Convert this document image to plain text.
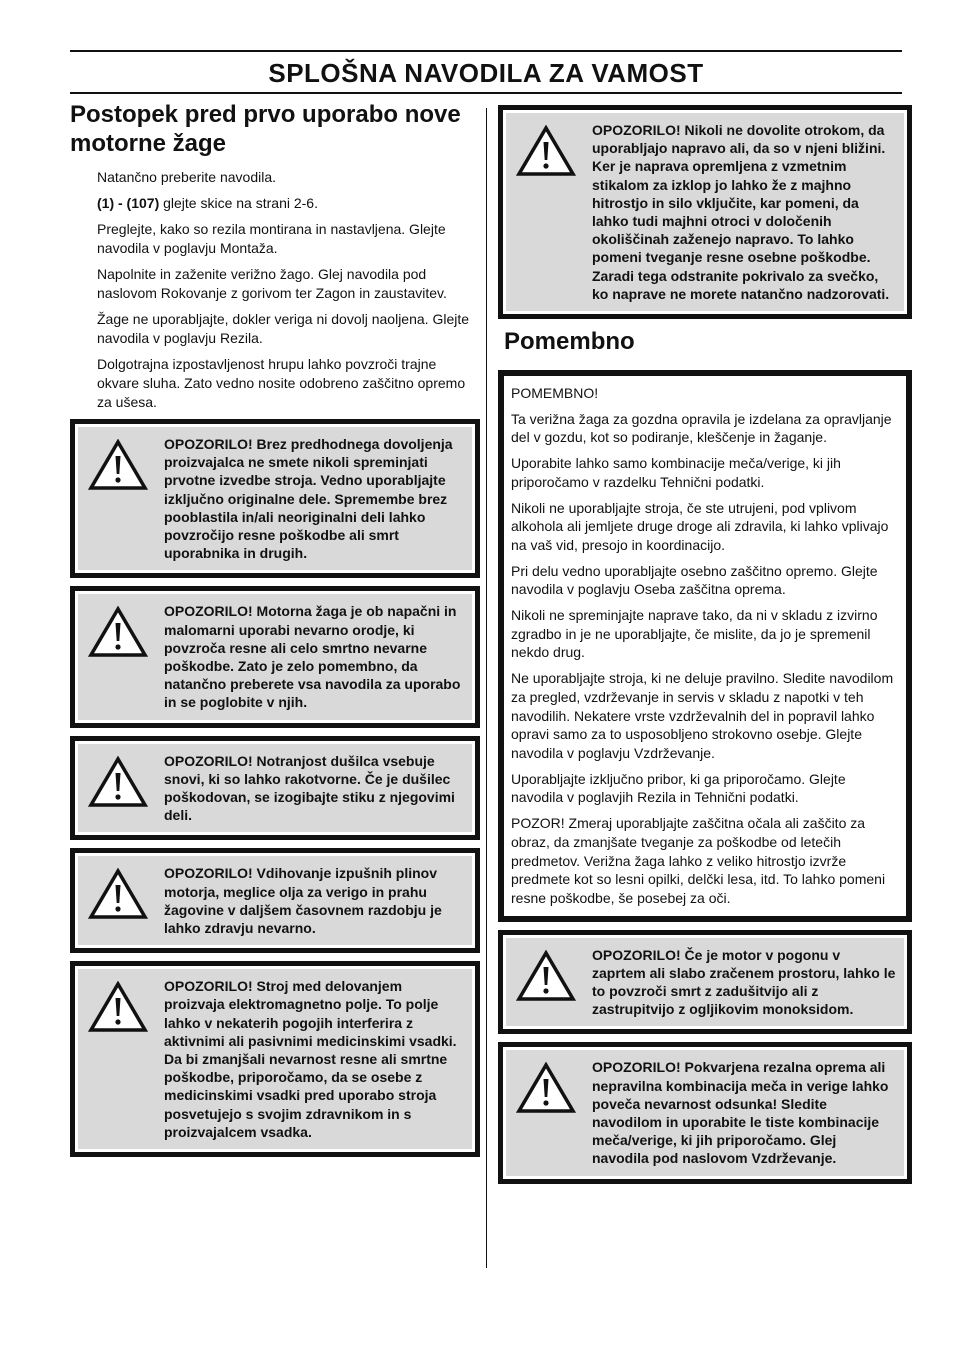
SPLOŠNA NAVODILA ZA VAMOST
Postopek pred prvo uporabo nove motorne žage

Natančno preberite navodila.

(1) - (107) glejte skice na strani 2-6.

Preglejte, kako so rezila montirana in nastavljena. Glejte navodila v poglavju Montaža.

Napolnite in zaženite verižno žago. Glej navodila pod naslovom Rokovanje z gorivom ter Zagon in zaustavitev.

Žage ne uporabljajte, dokler veriga ni dovolj naoljena. Glejte navodila v poglavju Rezila.

Dolgotrajna izpostavljenost hrupu lahko povzroči trajne okvare sluha. Zato vedno nosite odobreno zaščitno opremo za ušesa.

OPOZORILO! Brez predhodnega dovoljenja proizvajalca ne smete nikoli spreminjati prvotne izvedbe stroja. Vedno uporabljajte izključno originalne dele. Spremembe brez pooblastila in/ali neoriginalni deli lahko povzročijo resne poškodbe ali smrt uporabnika in drugih.
OPOZORILO! Motorna žaga je ob napačni in malomarni uporabi nevarno orodje, ki povzroča resne ali celo smrtno nevarne poškodbe. Zato je zelo pomembno, da natančno preberete vsa navodila za uporabo in se poglobite v njih.
OPOZORILO! Notranjost dušilca vsebuje snovi, ki so lahko rakotvorne. Če je dušilec poškodovan, se izogibajte stiku z njegovimi deli.
OPOZORILO! Vdihovanje izpušnih plinov motorja, meglice olja za verigo in prahu žagovine v daljšem časovnem razdobju je lahko zdravju nevarno.
OPOZORILO! Stroj med delovanjem proizvaja elektromagnetno polje. To polje lahko v nekaterih pogojih interferira z aktivnimi ali pasivnimi medicinskimi vsadki. Da bi zmanjšali nevarnost resne ali smrtne poškodbe, priporočamo, da se osebe z medicinskimi vsadki pred uporabo stroja posvetujejo s svojim zdravnikom in s proizvajalcem vsadka.
OPOZORILO! Nikoli ne dovolite otrokom, da uporabljajo napravo ali, da so v njeni bližini. Ker je naprava opremljena z vzmetnim stikalom za izklop jo lahko že z majhno hitrostjo in silo vključite, kar pomeni, da lahko tudi majhni otroci v določenih okoliščinah zaženejo napravo. To lahko pomeni tveganje resne osebne poškodbe. Zaradi tega odstranite pokrivalo za svečko, ko naprave ne morete natančno nadzorovati.
Pomembno

POMEMBNO!

Ta verižna žaga za gozdna opravila je izdelana za opravljanje del v gozdu, kot so podiranje, kleščenje in žaganje.

Uporabite lahko samo kombinacije meča/verige, ki jih priporočamo v razdelku Tehnični podatki.

Nikoli ne uporabljajte stroja, če ste utrujeni, pod vplivom alkohola ali jemljete druge droge ali zdravila, ki lahko vplivajo na vaš vid, presojo in koordinacijo.

Pri delu vedno uporabljajte osebno zaščitno opremo. Glejte navodila v poglavju Oseba zaščitna oprema.

Nikoli ne spreminjajte naprave tako, da ni v skladu z izvirno zgradbo in je ne uporabljajte, če mislite, da jo je spremenil nekdo drug.

Ne uporabljajte stroja, ki ne deluje pravilno. Sledite navodilom za pregled, vzdrževanje in servis v skladu z napotki v teh navodilih. Nekatere vrste vzdrževalnih del in popravil lahko opravi samo za to usposobljeno strokovno osebje. Glejte navodila v poglavju Vzdrževanje.

Uporabljajte izključno pribor, ki ga priporočamo. Glejte navodila v poglavjih Rezila in Tehnični podatki.

POZOR! Zmeraj uporabljajte zaščitna očala ali zaščito za obraz, da zmanjšate tveganje za poškodbe od letečih predmetov. Verižna žaga lahko z veliko hitrostjo izvrže predmete kot so lesni opilki, delčki lesa, itd. To lahko pomeni resne poškodbe, še posebej za oči.

OPOZORILO! Če je motor v pogonu v zaprtem ali slabo zračenem prostoru, lahko le to povzroči smrt z zadušitvijo ali z zastrupitvijo z ogljikovim monoksidom.
OPOZORILO! Pokvarjena rezalna oprema ali nepravilna kombinacija meča in verige lahko poveča nevarnost odsunka! Sledite navodilom in uporabite le tiste kombinacije meča/verige, ki jih priporočamo. Glej navodila pod naslovom Vzdrževanje.
